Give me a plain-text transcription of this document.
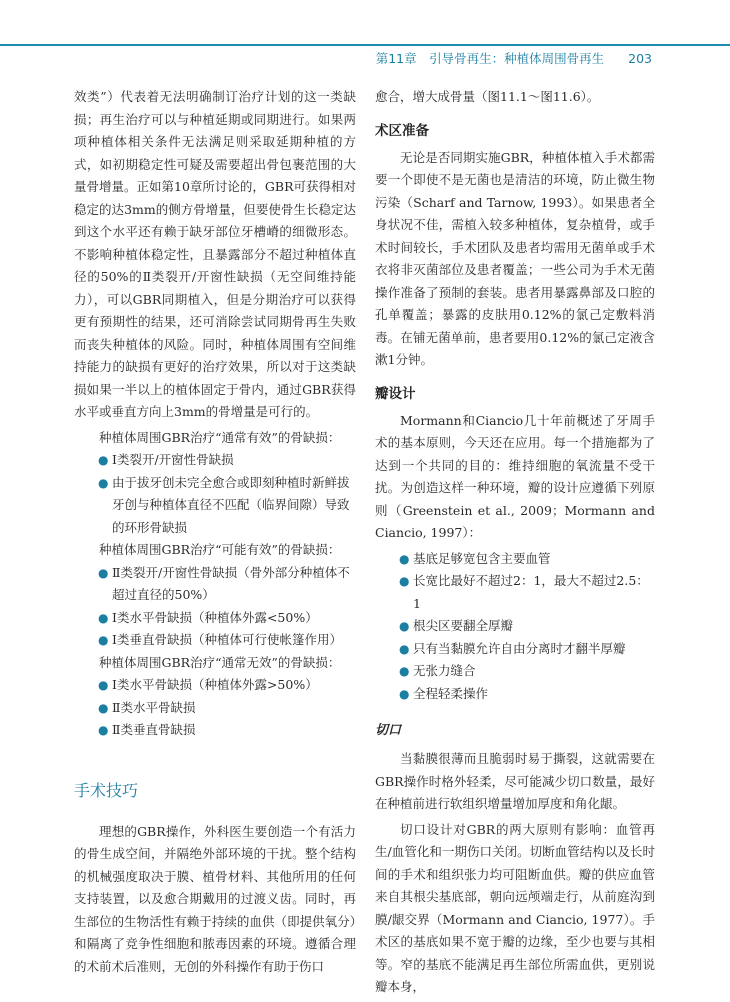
第11章　引导骨再生：种植体周围骨再生 203

效类”）代表着无法明确制订治疗计划的这一类缺损；再生治疗可以与种植延期或同期进行。如果两项种植体相关条件无法满足则采取延期种植的方式，如初期稳定性可疑及需要超出骨包裹范围的大量骨增量。正如第10章所讨论的，GBR可获得相对稳定的达3mm的侧方骨增量，但要使骨生长稳定达到这个水平还有赖于缺牙部位牙槽嵴的细微形态。不影响种植体稳定性，且暴露部分不超过种植体直径的50%的Ⅱ类裂开/开窗性缺损（无空间维持能力），可以GBR同期植入，但是分期治疗可以获得更有预期性的结果，还可消除尝试同期骨再生失败而丧失种植体的风险。同时，种植体周围有空间维持能力的缺损有更好的治疗效果，所以对于这类缺损如果一半以上的植体固定于骨内，通过GBR获得水平或垂直方向上3mm的骨增量是可行的。

种植体周围GBR治疗“通常有效”的骨缺损：

● Ⅰ类裂开/开窗性骨缺损
● 由于拔牙创未完全愈合或即刻种植时新鲜拔牙创与种植体直径不匹配（临界间隙）导致的环形骨缺损

种植体周围GBR治疗“可能有效”的骨缺损：

● Ⅱ类裂开/开窗性骨缺损（骨外部分种植体不超过直径的50%）
● Ⅰ类水平骨缺损（种植体外露<50%）
● Ⅰ类垂直骨缺损（种植体可行使帐篷作用）

种植体周围GBR治疗“通常无效”的骨缺损：

● Ⅰ类水平骨缺损（种植体外露>50%）
● Ⅱ类水平骨缺损
● Ⅱ类垂直骨缺损
手术技巧

理想的GBR操作，外科医生要创造一个有活力的骨生成空间，并隔绝外部环境的干扰。整个结构的机械强度取决于膜、植骨材料、其他所用的任何支持装置，以及愈合期戴用的过渡义齿。同时，再生部位的生物活性有赖于持续的血供（即提供氧分）和隔离了竞争性细胞和脓毒因素的环境。遵循合理的术前术后准则，无创的外科操作有助于伤口

愈合，增大成骨量（图11.1～图11.6）。

术区准备

无论是否同期实施GBR，种植体植入手术都需要一个即使不是无菌也是清洁的环境，防止微生物污染（Scharf and Tarnow, 1993）。如果患者全身状况不佳，需植入较多种植体，复杂植骨，或手术时间较长，手术团队及患者均需用无菌单或手术衣将非灭菌部位及患者覆盖；一些公司为手术无菌操作准备了预制的套装。患者用暴露鼻部及口腔的孔单覆盖；暴露的皮肤用0.12%的氯己定敷料消毒。在铺无菌单前，患者要用0.12%的氯己定液含漱1分钟。

瓣设计

Mormann和Ciancio几十年前概述了牙周手术的基本原则，今天还在应用。每一个措施都为了达到一个共同的目的：维持细胞的氧流量不受干扰。为创造这样一种环境，瓣的设计应遵循下列原则（Greenstein et al., 2009；Mormann and Ciancio, 1997）：

● 基底足够宽包含主要血管
● 长宽比最好不超过2：1，最大不超过2.5：1
● 根尖区要翻全厚瓣
● 只有当黏膜允许自由分离时才翻半厚瓣
● 无张力缝合
● 全程轻柔操作
切口

当黏膜很薄而且脆弱时易于撕裂，这就需要在GBR操作时格外轻柔，尽可能减少切口数量，最好在种植前进行软组织增量增加厚度和角化龈。

切口设计对GBR的两大原则有影响：血管再生/血管化和一期伤口关闭。切断血管结构以及长时间的手术和组织张力均可阻断血供。瓣的供应血管来自其根尖基底部，朝向远颅端走行，从前庭沟到膜/龈交界（Mormann and Ciancio, 1977）。手术区的基底如果不宽于瓣的边缘，至少也要与其相等。窄的基底不能满足再生部位所需血供，更别说瓣本身，
